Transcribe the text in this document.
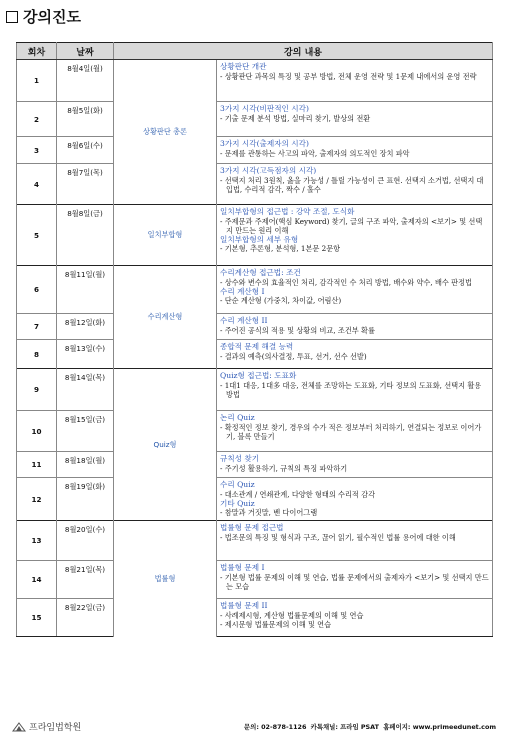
강의진도
회차	날짜	강의 내용	
1	8월4일(월)	상황판단 총론	상황판단 개관
- 상황판단 과목의 특징 및 공부 방법, 전체 운영 전략 및 1문제 내에서의 운영 전략

2	8월5일(화)		3가지 시각(비판적인 시각)
- 기출 문제 분석 방법, 실마리 찾기, 발상의 전환

3	8월6일(수)		3가지 시각(출제자의 시각)
- 문제를 관통하는 사고의 파악, 출제자의 의도적인 장치 파악

4	8월7일(목)		3가지 시각(고득점자의 시각)
- 선택지 처리 3원칙, 옳을 가능성 / 틀릴 가능성이 큰 표현. 선택지 소거법, 선택지 대입법, 수리적 감각, 짝수 / 홀수

5	8월8일(금)	일치부합형	일치부합형의 접근법 : 강약 조절, 도식화
- 주제문과 주제어(핵심 Keyword) 찾기, 글의 구조 파악, 출제자의 <보기> 및 선택지 만드는 원리 이해
일치부합형의 세부 유형
- 기본형, 추론형, 분석형, 1본문 2문항

6	8월11일(월)	수리계산형	수리계산형 접근법: 조건
- 상수와 변수의 효율적인 처리, 감각적인 수 처리 방법, 배수와 약수, 배수 판정법
수리 계산형 I
- 단순 계산형 (가중치, 차이값, 어림산)

7	8월12일(화)		수리 계산형 II
- 주어진 공식의 적용 및 상황의 비교, 조건부 확률

8	8월13일(수)		종합적 문제 해결 능력
- 결과의 예측(의사결정, 투표, 선거, 선수 선발)

9	8월14일(목)	Quiz형	Quiz형 접근법: 도표화
- 1대1 대응, 1대多 대응, 전체를 조망하는 도표화, 기타 정보의 도표화, 선택지 활용 방법

10	8월15일(금)		논리 Quiz
- 확정적인 정보 찾기, 경우의 수가 적은 정보부터 처리하기, 연결되는 정보로 이어가기, 블록 만들기

11	8월18일(월)		규칙성 찾기
- 주기성 활용하기, 규칙의 특징 파악하기

12	8월19일(화)		수리 Quiz
- 대소관계 / 연쇄관계, 다양한 형태의 수리적 감각
기타 Quiz
- 참말과 거짓말, 벤 다이어그램

13	8월20일(수)	법률형	법률형 문제 접근법
- 법조문의 특징 및 형식과 구조, 끊어 읽기, 필수적인 법률 용어에 대한 이해

14	8월21일(목)		법률형 문제 I
- 기본형 법률 문제의 이해 및 연습, 법률 문제에서의 출제자가 <보기> 및 선택지 만드는 모습

15	8월22일(금)		법률형 문제 II
- 사례제시형, 계산형 법률문제의 이해 및 연습
- 제시문형 법률문제의 이해 및 연습
프라임법학원	문의: 02-878-1126 카톡채널: 프라임 PSAT 홈페이지: www.primeedunet.com
